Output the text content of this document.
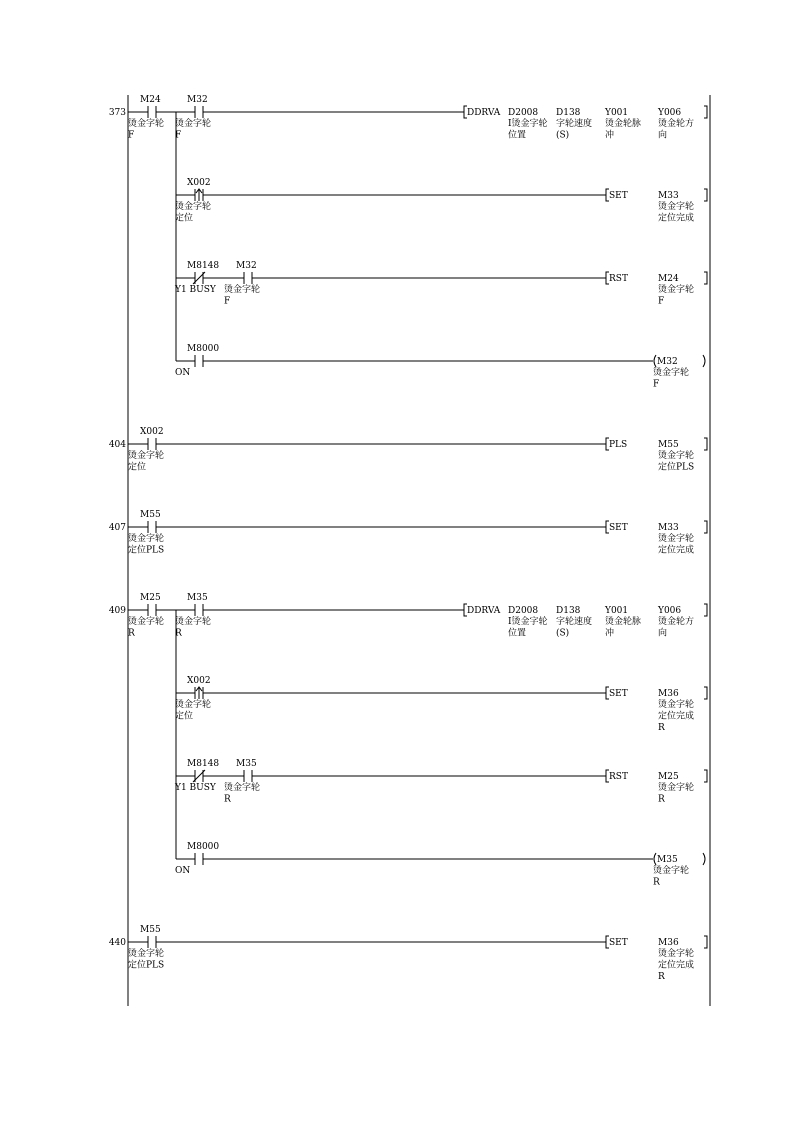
373
M24
烫金字轮
F
M32
烫金字轮
F
DDRVA D2008
I烫金字轮
位置
D138
字轮速度
(S)
Y001
烫金轮脉
冲
Y006
烫金轮方
向
X002
烫金字轮
定位
SET	M33
烫金字轮
定位完成
M8148
Y1 BUSY
M32
烫金字轮
F
RST	M24
烫金字轮
F
M8000
ON
M32
烫金字轮
F
404
X002
烫金字轮
定位
PLS	M55
烫金字轮
定位PLS
407
M55
烫金字轮
定位PLS
SET	M33
烫金字轮
定位完成
409
M25
烫金字轮
R
M35
烫金字轮
R
DDRVA D2008
I烫金字轮
位置
D138
字轮速度
(S)
Y001
烫金轮脉
冲
Y006
烫金轮方
向
X002
烫金字轮
定位
SET	M36
烫金字轮
定位完成
R
M8148
Y1 BUSY
M35
烫金字轮
R
RST	M25
烫金字轮
R
M8000
ON
M35
烫金字轮
R
440
M55
烫金字轮
定位PLS
SET	M36
烫金字轮
定位完成
R
